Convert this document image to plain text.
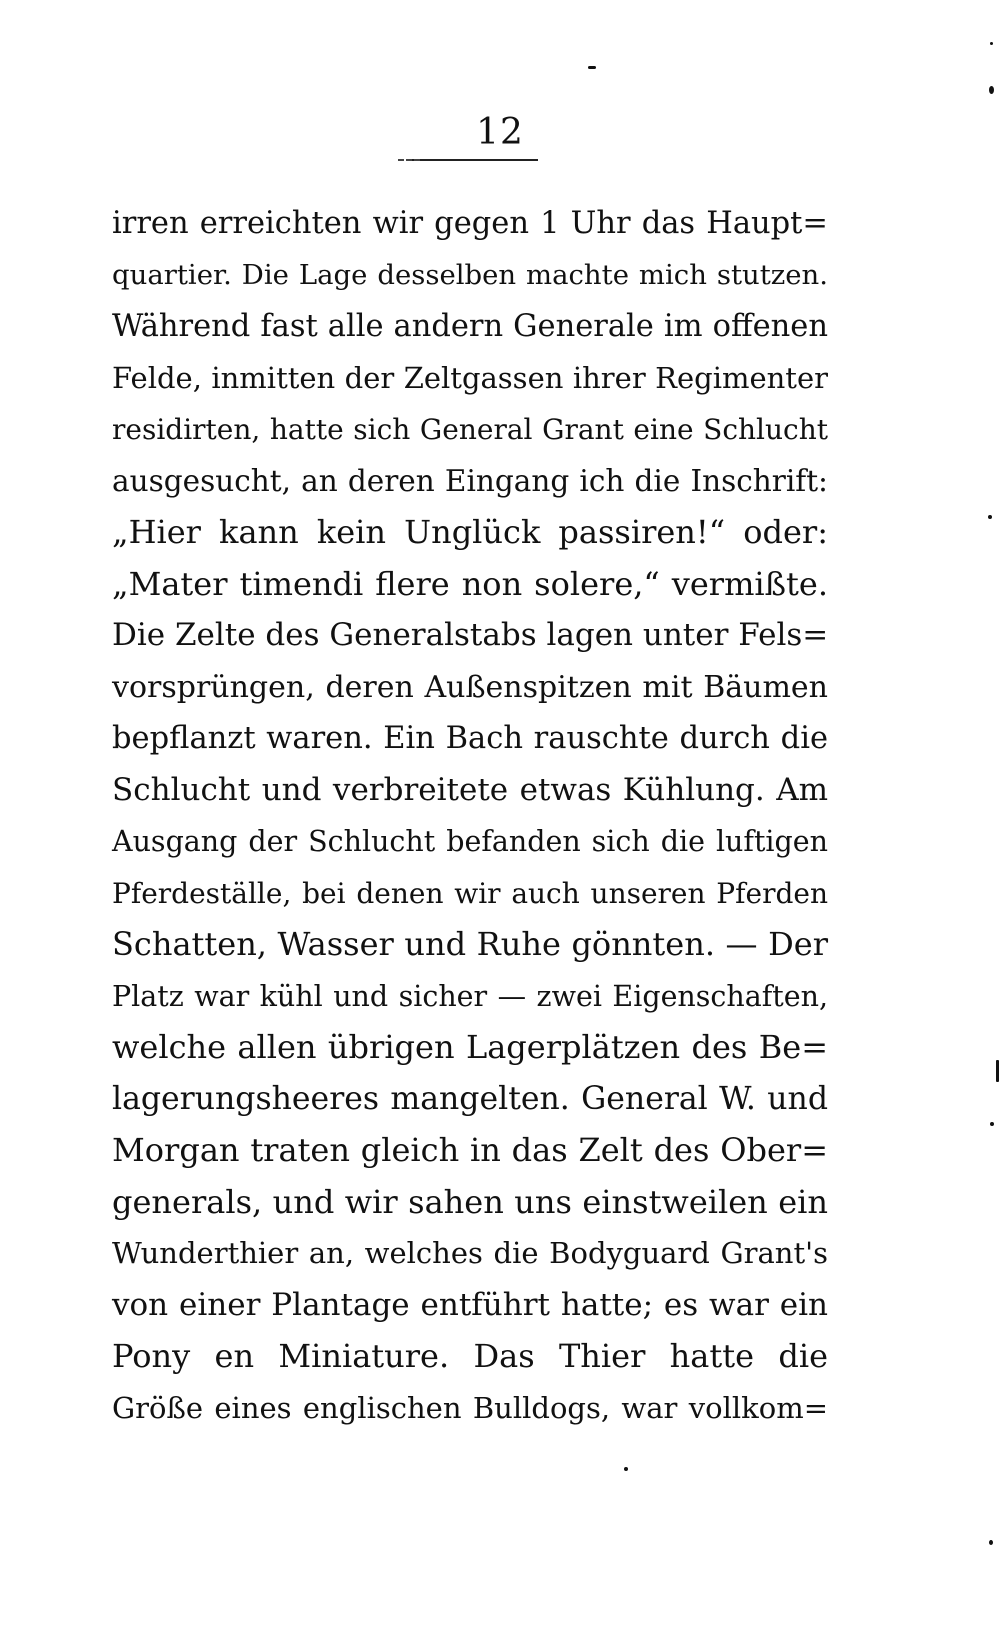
12
irren erreichten wir gegen 1 Uhr das Haupt=
quartier. Die Lage desselben machte mich stutzen.
Während fast alle andern Generale im offenen
Felde, inmitten der Zeltgassen ihrer Regimenter
residirten, hatte sich General Grant eine Schlucht
ausgesucht, an deren Eingang ich die Inschrift:
„Hier kann kein Unglück passiren!“ oder:
„Mater timendi flere non solere,“ vermißte.
Die Zelte des Generalstabs lagen unter Fels=
vorsprüngen, deren Außenspitzen mit Bäumen
bepflanzt waren. Ein Bach rauschte durch die
Schlucht und verbreitete etwas Kühlung. Am
Ausgang der Schlucht befanden sich die luftigen
Pferdeställe, bei denen wir auch unseren Pferden
Schatten, Wasser und Ruhe gönnten. — Der
Platz war kühl und sicher — zwei Eigenschaften,
welche allen übrigen Lagerplätzen des Be=
lagerungsheeres mangelten. General W. und
Morgan traten gleich in das Zelt des Ober=
generals, und wir sahen uns einstweilen ein
Wunderthier an, welches die Bodyguard Grant's
von einer Plantage entführt hatte; es war ein
Pony en Miniature. Das Thier hatte die
Größe eines englischen Bulldogs, war vollkom=
